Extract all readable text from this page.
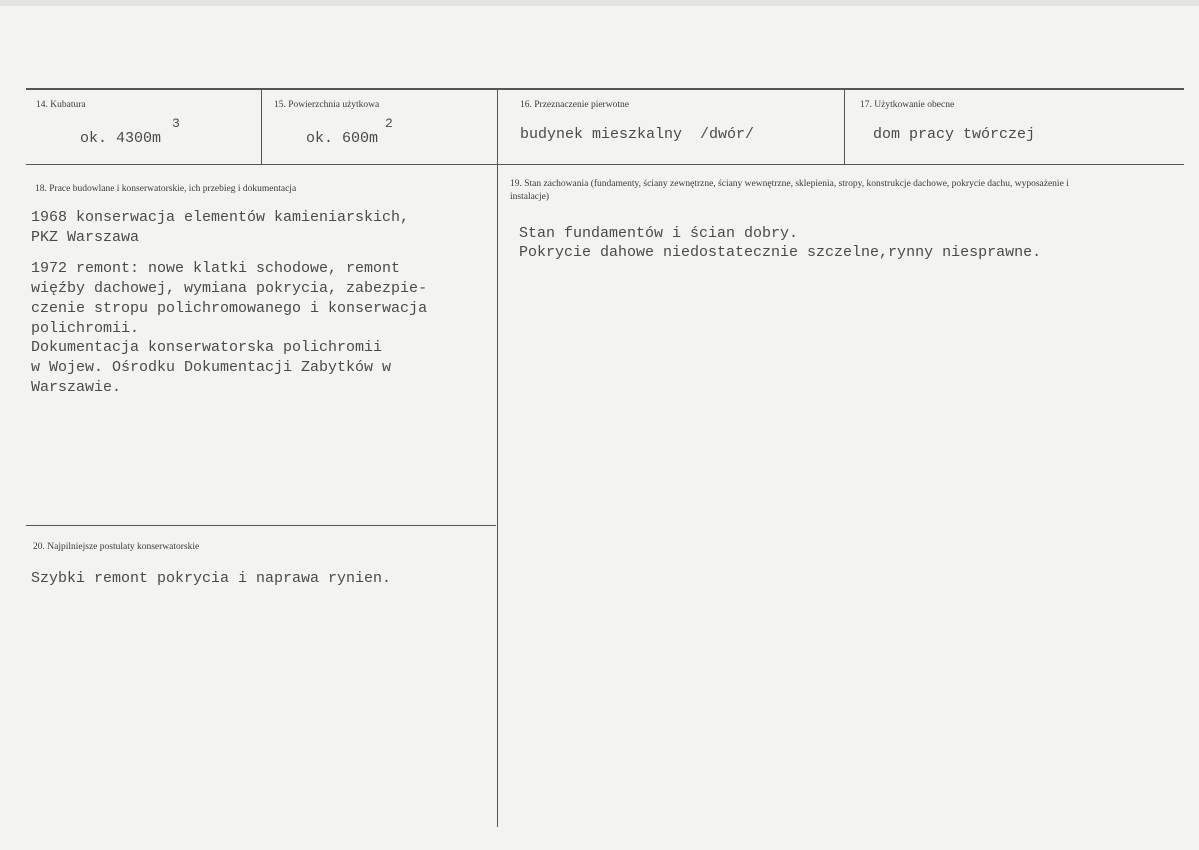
14. Kubatura
ok. 4300m
3
15. Powierzchnia użytkowa
ok. 600m
2
16. Przeznaczenie pierwotne
budynek mieszkalny  /dwór/
17. Użytkowanie obecne
dom pracy twórczej
18. Prace budowlane i konserwatorskie, ich przebieg i dokumentacja
1968 konserwacja elementów kamieniarskich,
PKZ Warszawa
1972 remont: nowe klatki schodowe, remont
więźby dachowej, wymiana pokrycia, zabezpie-
czenie stropu polichromowanego i konserwacja
polichromii.
Dokumentacja konserwatorska polichromii
w Wojew. Ośrodku Dokumentacji Zabytków w
Warszawie.
19. Stan zachowania (fundamenty, ściany zewnętrzne, ściany wewnętrzne, sklepienia, stropy, konstrukcje dachowe, pokrycie dachu, wyposażenie i instalacje)
Stan fundamentów i ścian dobry.
Pokrycie dahowe niedostatecznie szczelne,rynny niesprawne.
20. Najpilniejsze postulaty konserwatorskie
Szybki remont pokrycia i naprawa rynien.
